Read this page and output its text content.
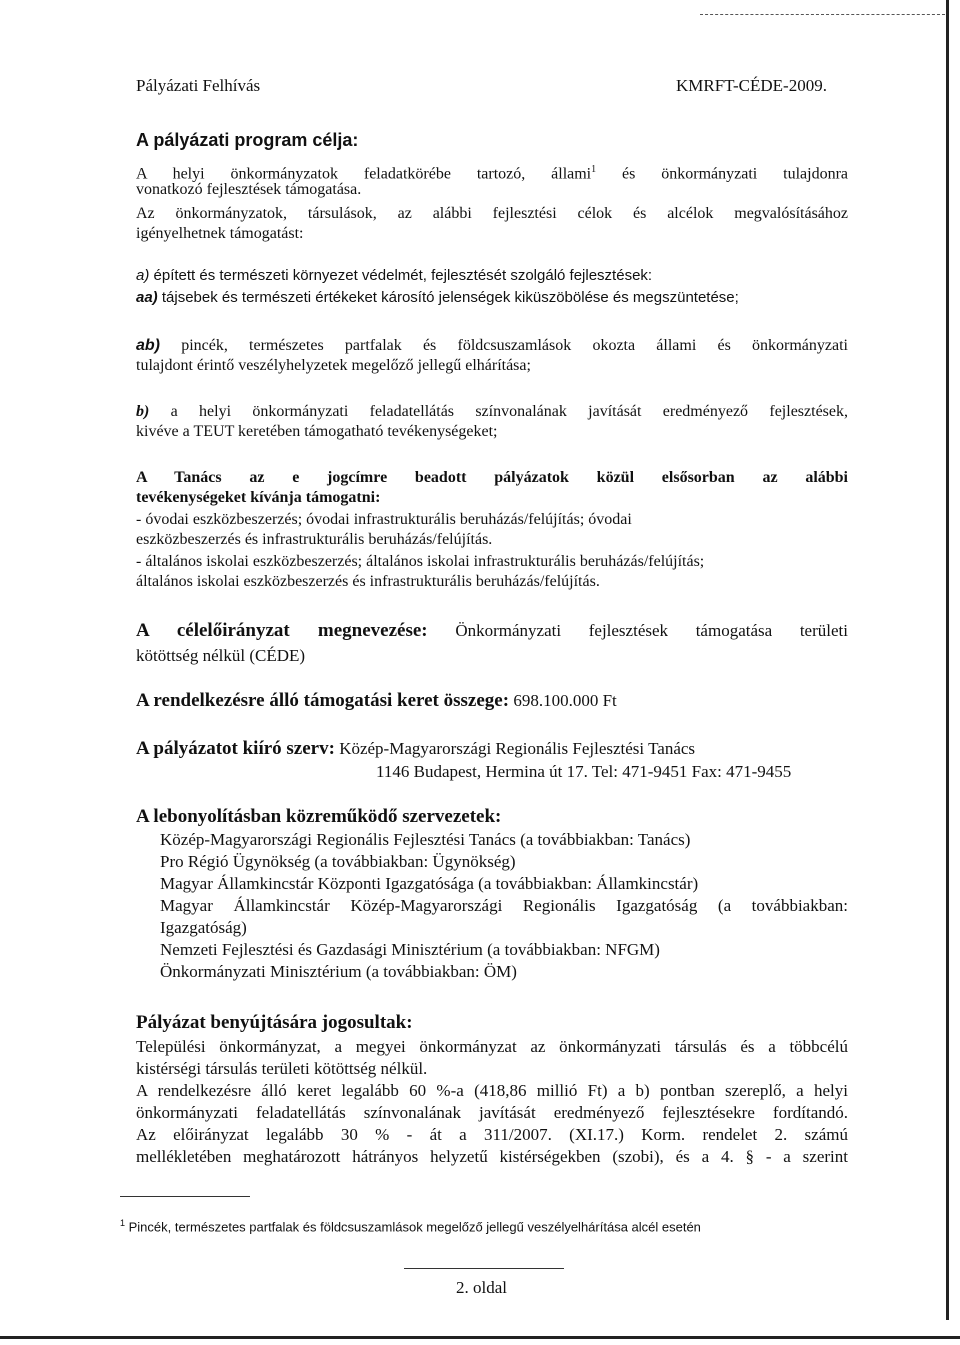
Pályázati Felhívás	KMRFT-CÉDE-2009.
A pályázati program célja:
A helyi önkormányzatok feladatkörébe tartozó, állami$^1$ és önkormányzati tulajdonra
vonatkozó fejlesztések támogatása.
Az önkormányzatok, társulások, az alábbi fejlesztési célok és alcélok megvalósításához
igényelhetnek támogatást:
a) épített és természeti környezet védelmét, fejlesztését szolgáló fejlesztések:
aa) tájsebek és természeti értékeket károsító jelenségek kiküszöbölése és megszüntetése;
ab) pincék, természetes partfalak és földcsuszamlások okozta állami és önkormányzati
tulajdont érintő veszélyhelyzetek megelőző jellegű elhárítása;
b) a helyi önkormányzati feladatellátás színvonalának javítását eredményező fejlesztések,
kivéve a TEUT keretében támogatható tevékenységeket;
A Tanács az e jogcímre beadott pályázatok közül elsősorban az alábbi
tevékenységeket kívánja támogatni:
- óvodai eszközbeszerzés; óvodai infrastrukturális beruházás/felújítás; óvodai
eszközbeszerzés és infrastrukturális beruházás/felújítás.
- általános iskolai eszközbeszerzés; általános iskolai infrastrukturális beruházás/felújítás;
általános iskolai eszközbeszerzés és infrastrukturális beruházás/felújítás.
A célelőirányzat megnevezése: Önkormányzati fejlesztések támogatása területi
kötöttség nélkül (CÉDE)
A rendelkezésre álló támogatási keret összege: 698.100.000 Ft
A pályázatot kiíró szerv: Közép-Magyarországi Regionális Fejlesztési Tanács
1146 Budapest, Hermina út 17. Tel: 471-9451 Fax: 471-9455
A lebonyolításban közreműködő szervezetek:
Közép-Magyarországi Regionális Fejlesztési Tanács (a továbbiakban: Tanács)
Pro Régió Ügynökség (a továbbiakban: Ügynökség)
Magyar Államkincstár Központi Igazgatósága (a továbbiakban: Államkincstár)
Magyar Államkincstár Közép-Magyarországi Regionális Igazgatóság (a továbbiakban:
Igazgatóság)
Nemzeti Fejlesztési és Gazdasági Minisztérium (a továbbiakban: NFGM)
Önkormányzati Minisztérium (a továbbiakban: ÖM)
Pályázat benyújtására jogosultak:
Települési önkormányzat, a megyei önkormányzat az önkormányzati társulás és a többcélú
kistérségi társulás területi kötöttség nélkül.
A rendelkezésre álló keret legalább 60 %-a (418,86 millió Ft) a b) pontban szereplő, a helyi
önkormányzati feladatellátás színvonalának javítását eredményező fejlesztésekre fordítandó.
Az előirányzat legalább 30 % - át a 311/2007. (XI.17.) Korm. rendelet 2. számú
mellékletében meghatározott hátrányos helyzetű kistérségekben (szobi), és a 4. § - a szerint
$^1$ Pincék, természetes partfalak és földcsuszamlások megelőző jellegű veszélyelhárítása alcél esetén
2. oldal
